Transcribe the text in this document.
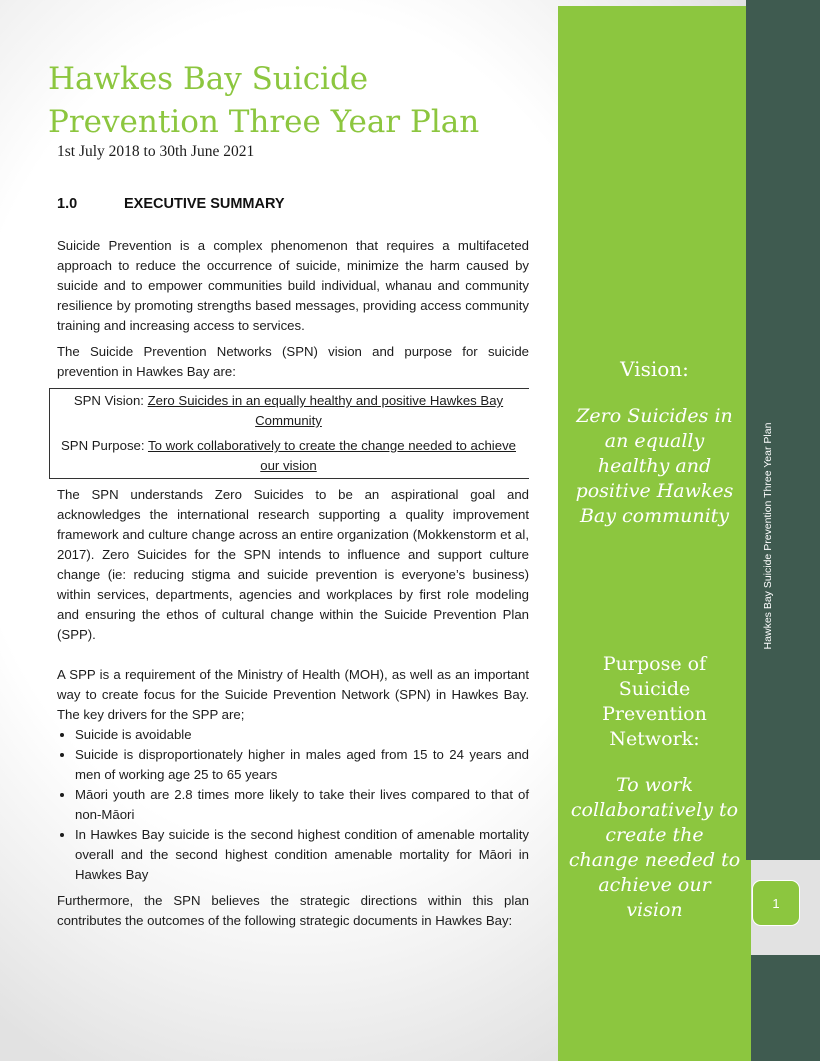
Hawkes Bay Suicide Prevention Three Year Plan
1st July 2018 to 30th June 2021
1.0	EXECUTIVE SUMMARY

Suicide Prevention is a complex phenomenon that requires a multifaceted approach to reduce the occurrence of suicide, minimize the harm caused by suicide and to empower communities build individual, whanau and community resilience by promoting strengths based messages, providing access community training and increasing access to services.

The Suicide Prevention Networks (SPN) vision and purpose for suicide prevention in Hawkes Bay are:

SPN Vision: Zero Suicides in an equally healthy and positive Hawkes Bay Community
SPN Purpose: To work collaboratively to create the change needed to achieve our vision

The SPN understands Zero Suicides to be an aspirational goal and acknowledges the international research supporting a quality improvement framework and culture change across an entire organization (Mokkenstorm et al, 2017). Zero Suicides for the SPN intends to influence and support culture change (ie: reducing stigma and suicide prevention is everyone’s business) within services, departments, agencies and workplaces by first role modeling and ensuring the ethos of cultural change within the Suicide Prevention Plan (SPP).

A SPP is a requirement of the Ministry of Health (MOH), as well as an important way to create focus for the Suicide Prevention Network (SPN) in Hawkes Bay. The key drivers for the SPP are;

• Suicide is avoidable
• Suicide is disproportionately higher in males aged from 15 to 24 years and men of working age 25 to 65 years
• Māori youth are 2.8 times more likely to take their lives compared to that of non-Māori
• In Hawkes Bay suicide is the second highest condition of amenable mortality overall and the second highest condition amenable mortality for Māori in Hawkes Bay

Furthermore, the SPN believes the strategic directions within this plan contributes the outcomes of the following strategic documents in Hawkes Bay:

Vision:
Zero Suicides in an equally healthy and positive Hawkes Bay community
Purpose of Suicide Prevention Network:
To work collaboratively to create the change needed to achieve our vision
Hawkes Bay Suicide Prevention Three Year Plan
1
